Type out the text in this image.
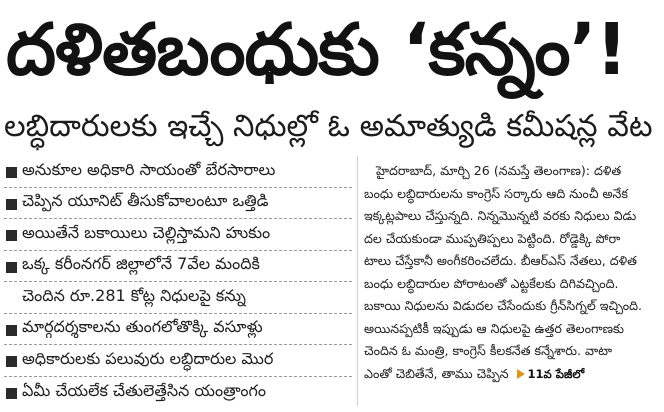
దళితబంధుకు ‘కన్నం’!
లబ్ధిదారులకు ఇచ్చే నిధుల్లో ఓ అమాత్యుడి కమీషన్ల వేట
అనుకూల అధికారి సాయంతో బేరసారాలు
చెప్పిన యూనిట్ తీసుకోవాలంటూ ఒత్తిడి
అయితేనే బకాయిలు చెల్లిస్తామని హుకుం
ఒక్క కరీంనగర్ జిల్లాలోనే 7వేల మందికి
చెందిన రూ.281 కోట్ల నిధులపై కన్ను
మార్గదర్శకాలను తుంగలోతొక్కి వసూళ్లు
అధికారులకు పలువురు లబ్ధిదారుల మొర
ఏమీ చేయలేక చేతులెత్తేసిన యంత్రాంగం
హైదరాబాద్, మార్చి 26 (నమస్తే తెలంగాణ): దళిత
బంధు లబ్ధిదారులను కాంగ్రెస్ సర్కారు ఆది నుంచీ అనేక
ఇక్కట్లపాలు చేస్తున్నది. నిన్నమొన్నటి వరకు నిధులు విడు
దల చేయకుండా ముప్పతిప్పలు పెట్టింది. రోడ్డెక్కి పోరా
టాలు చేస్తేకానీ అంగీకరించలేదు. బీఆర్ఎస్ నేతలు, దళిత
బంధు లబ్ధిదారుల పోరాటంతో ఎట్టకేలకు దిగివచ్చింది.
బకాయి నిధులను విడుదల చేసేందుకు గ్రీన్‌సిగ్నల్ ఇచ్చింది.
అయినప్పటికీ ఇప్పుడు ఆ నిధులపై ఉత్తర తెలంగాణకు
చెందిన ఓ మంత్రి, కాంగ్రెస్ కీలకనేత కన్నేశారు. వాటా
ఎంతో చెబితేనే, తాము చెప్పిన 11వ పేజీలో
